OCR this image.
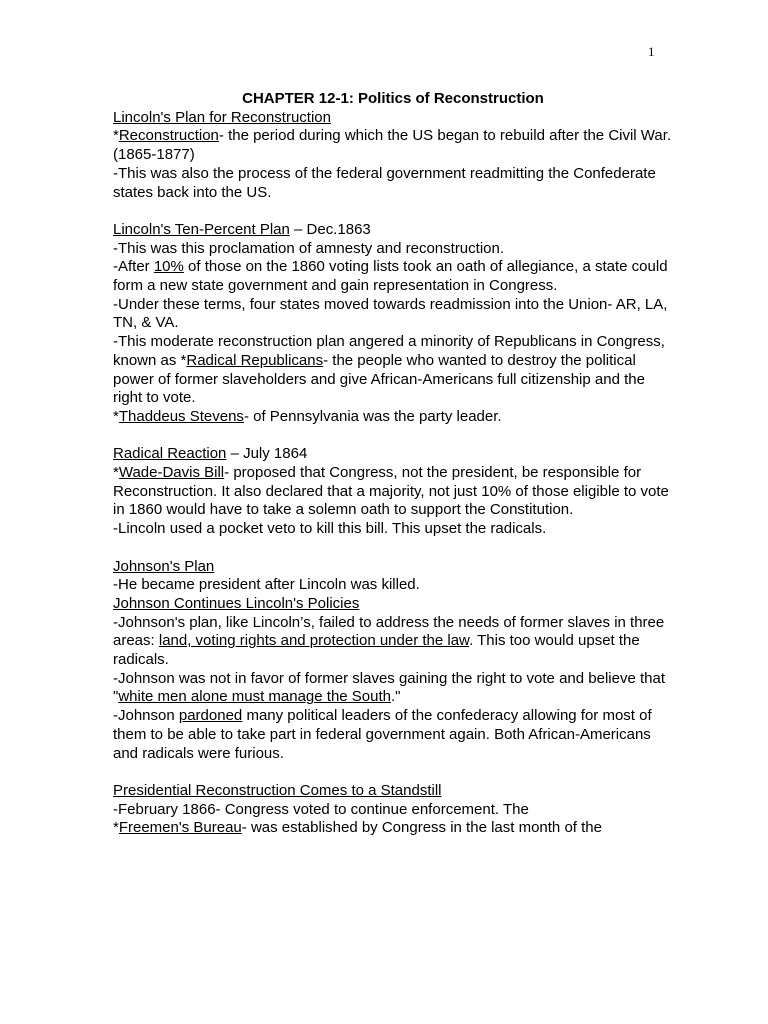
1

CHAPTER 12-1: Politics of Reconstruction

Lincoln's Plan for Reconstruction

*Reconstruction- the period during which the US began to rebuild after the Civil War. (1865-1877)

-This was also the process of the federal government readmitting the Confederate states back into the US.

Lincoln's Ten-Percent Plan – Dec.1863

-This was this proclamation of amnesty and reconstruction.

-After 10% of those on the 1860 voting lists took an oath of allegiance, a state could form a new state government and gain representation in Congress.

-Under these terms, four states moved towards readmission into the Union- AR, LA, TN, & VA.

-This moderate reconstruction plan angered a minority of Republicans in Congress, known as *Radical Republicans- the people who wanted to destroy the political power of former slaveholders and give African-Americans full citizenship and the right to vote.

*Thaddeus Stevens- of Pennsylvania was the party leader.

Radical Reaction – July 1864

*Wade-Davis Bill- proposed that Congress, not the president, be responsible for Reconstruction. It also declared that a majority, not just 10% of those eligible to vote in 1860 would have to take a solemn oath to support the Constitution.

-Lincoln used a pocket veto to kill this bill. This upset the radicals.

Johnson's Plan

-He became president after Lincoln was killed.

Johnson Continues Lincoln's Policies

-Johnson's plan, like Lincoln’s, failed to address the needs of former slaves in three areas: land, voting rights and protection under the law. This too would upset the radicals.

-Johnson was not in favor of former slaves gaining the right to vote and believe that "white men alone must manage the South."

-Johnson pardoned many political leaders of the confederacy allowing for most of them to be able to take part in federal government again. Both African-Americans and radicals were furious.

Presidential Reconstruction Comes to a Standstill

-February 1866- Congress voted to continue enforcement. The

*Freemen's Bureau- was established by Congress in the last month of the
